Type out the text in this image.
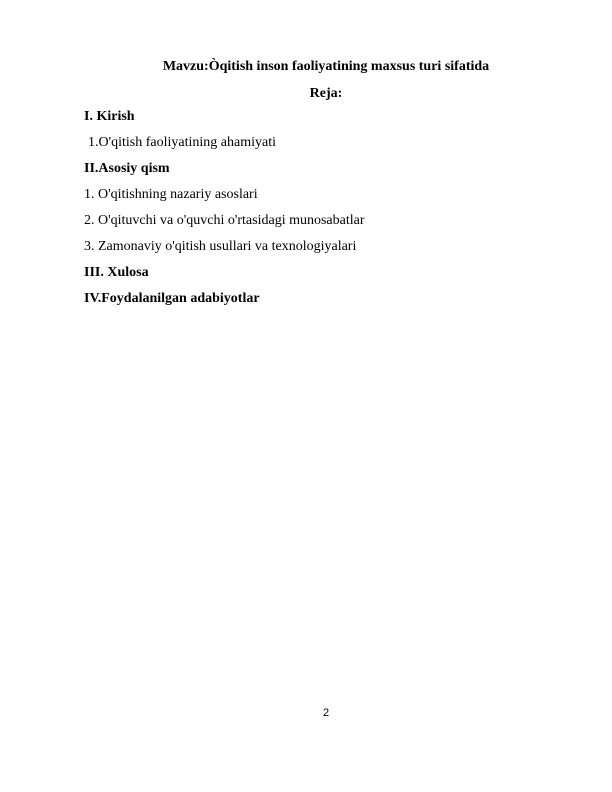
Mavzu:Òqitish inson faoliyatining maxsus turi sifatida
Reja:
I. Kirish
1.O'qitish faoliyatining ahamiyati
II.Asosiy qism
1. O'qitishning nazariy asoslari
2. O'qituvchi va o'quvchi o'rtasidagi munosabatlar
3. Zamonaviy o'qitish usullari va texnologiyalari
III. Xulosa
IV.Foydalanilgan adabiyotlar
2
